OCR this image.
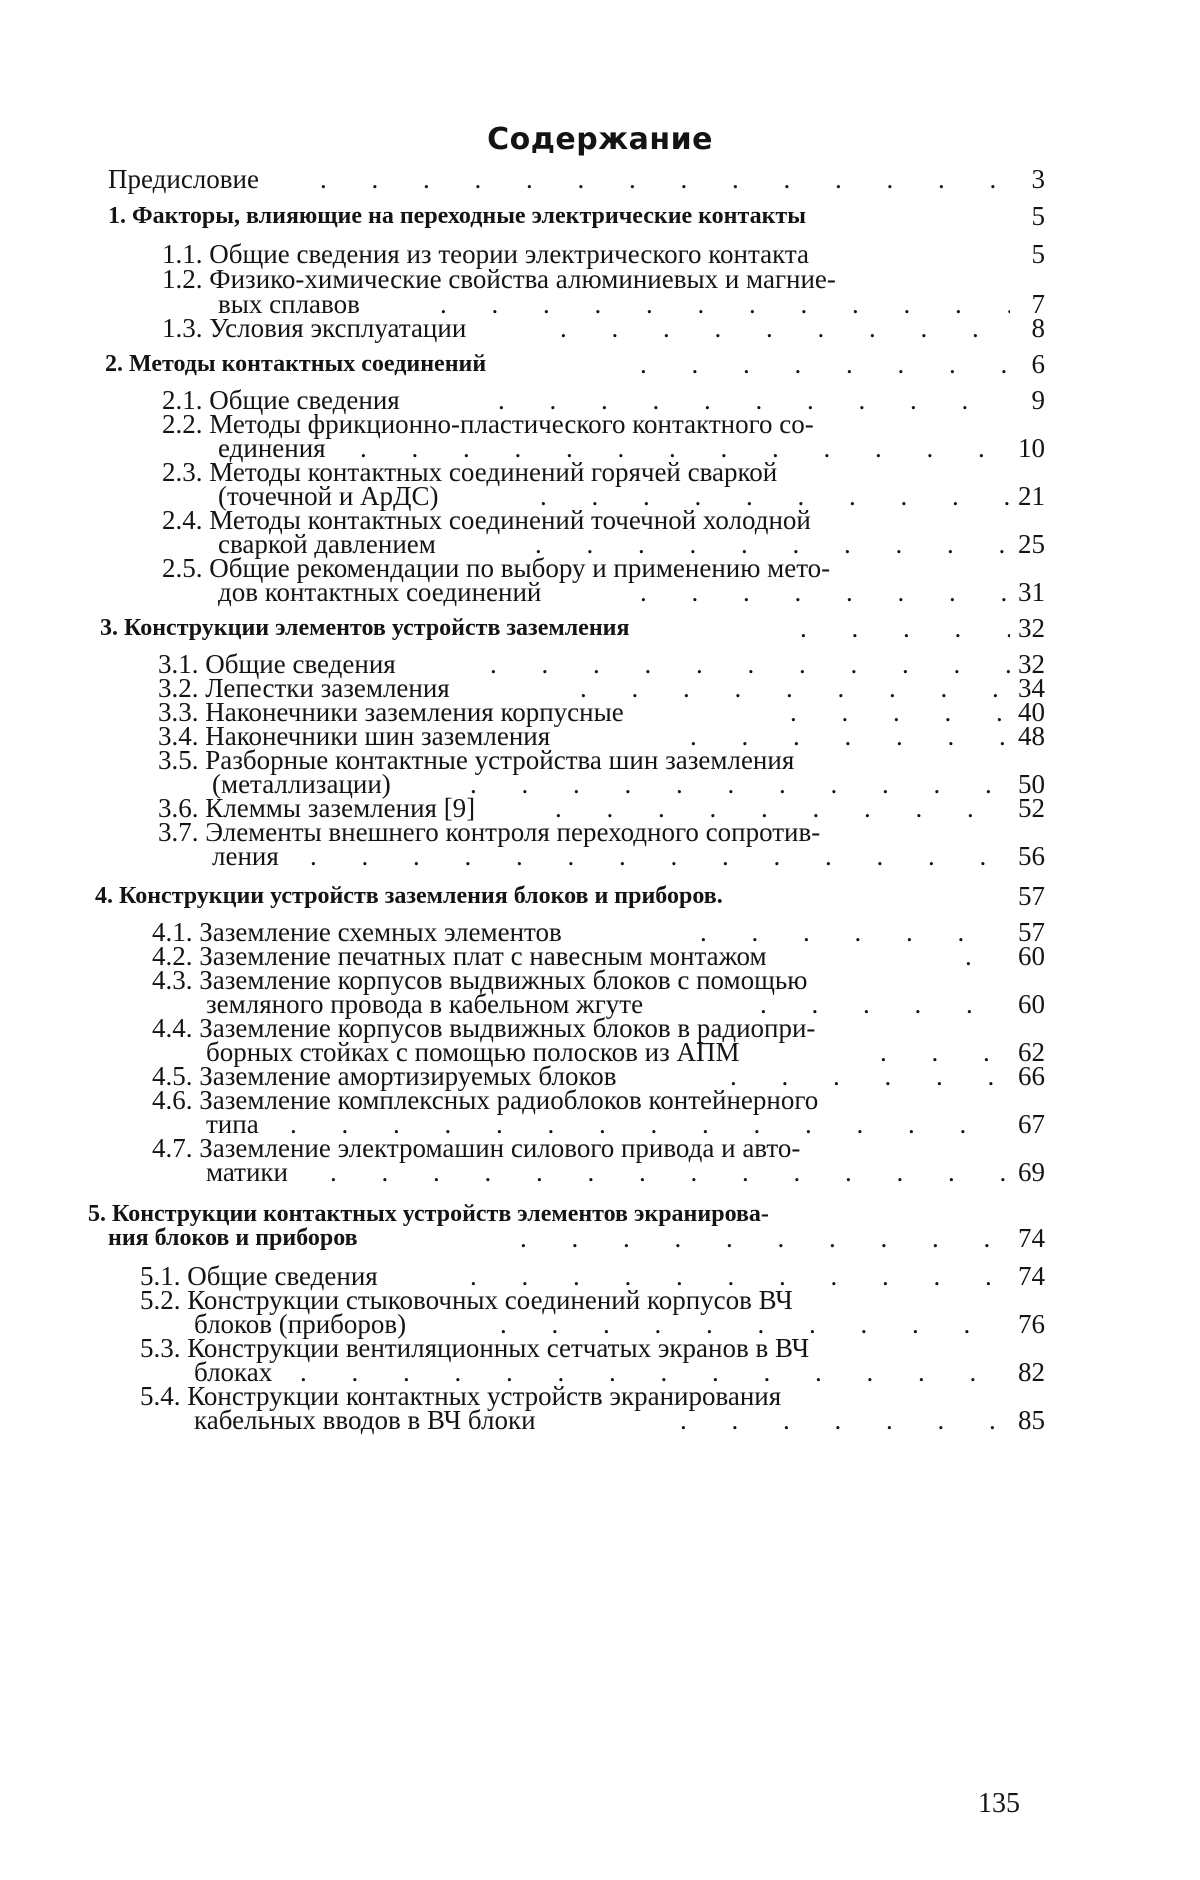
Содержание
Предисловие . . . . . . . . . . . . .	3
1. Факторы, влияющие на переходные электрические контакты	5
1.1. Общие сведения из теории электрического контакта	5
1.2. Физико-химические свойства алюминиевых и магние-
вых сплавов	. . . . . . . . . . .	7
1.3. Условия эксплуатации	. . . . . . . . .	8
2. Методы контактных соединений	. . . . . . .	6
2.1. Общие сведения	. . . . . . . . . .	9
2.2. Методы фрикционно-пластического контактного со-
единения . . . . . . . . . . . . . 10
2.3. Методы контактных соединений горячей сваркой
(точечной и АрДС)	. . . . . . . . .	21
2.4. Методы контактных соединений точечной холодной
сваркой давлением	. . . . . . . . .	25
2.5. Общие рекомендации по выбору и применению мето-
дов контактных соединений	. . . . . . .	31
3. Конструкции элементов устройств заземления	. . . .	32
3.1. Общие сведения	. . . . . . . . . .	32
3.2. Лепестки заземления	. . . . . . . .	34
3.3. Наконечники заземления корпусные	. . . .	40
3.4. Наконечники шин заземления	. . . . . .	48
3.5. Разборные контактные устройства шин заземления
(металлизации)	. . . . . . . . . . . 50
3.6. Клеммы заземления [9]	. . . . . . . . . 52
3.7. Элементы внешнего контроля переходного сопротив-
ления . . . . . . . . . . . . . . 56
4. Конструкции устройств заземления блоков и приборов.	57
4.1. Заземление схемных элементов	. . . . . .	57
4.2. Заземление печатных плат с навесным монтажом	.	60
4.3. Заземление корпусов выдвижных блоков с помощью
земляного провода в кабельном жгуте	. . . . . 60
4.4. Заземление корпусов выдвижных блоков в радиопри-
борных стойках с помощью полосков из АПМ	. . . 62
4.5. Заземление амортизируемых блоков	. . . . .	66
4.6. Заземление комплексных радиоблоков контейнерного
типа . . . . . . . . . . . . . .	67
4.7. Заземление электромашин силового привода и авто-
матики . . . . . . . . . . . . .	69
5. Конструкции контактных устройств элементов экранирова-
ния блоков и приборов	. . . . . . . . . . 74
5.1. Общие сведения	. . . . . . . . . . . 74
5.2. Конструкции стыковочных соединений корпусов ВЧ
блоков (приборов)	. . . . . . . . . .	76
5.3. Конструкции вентиляционных сетчатых экранов в ВЧ
блоках . . . . . . . . . . . . . . 82
5.4. Конструкции контактных устройств экранирования
кабельных вводов в ВЧ блоки	. . . . . .	85
135
